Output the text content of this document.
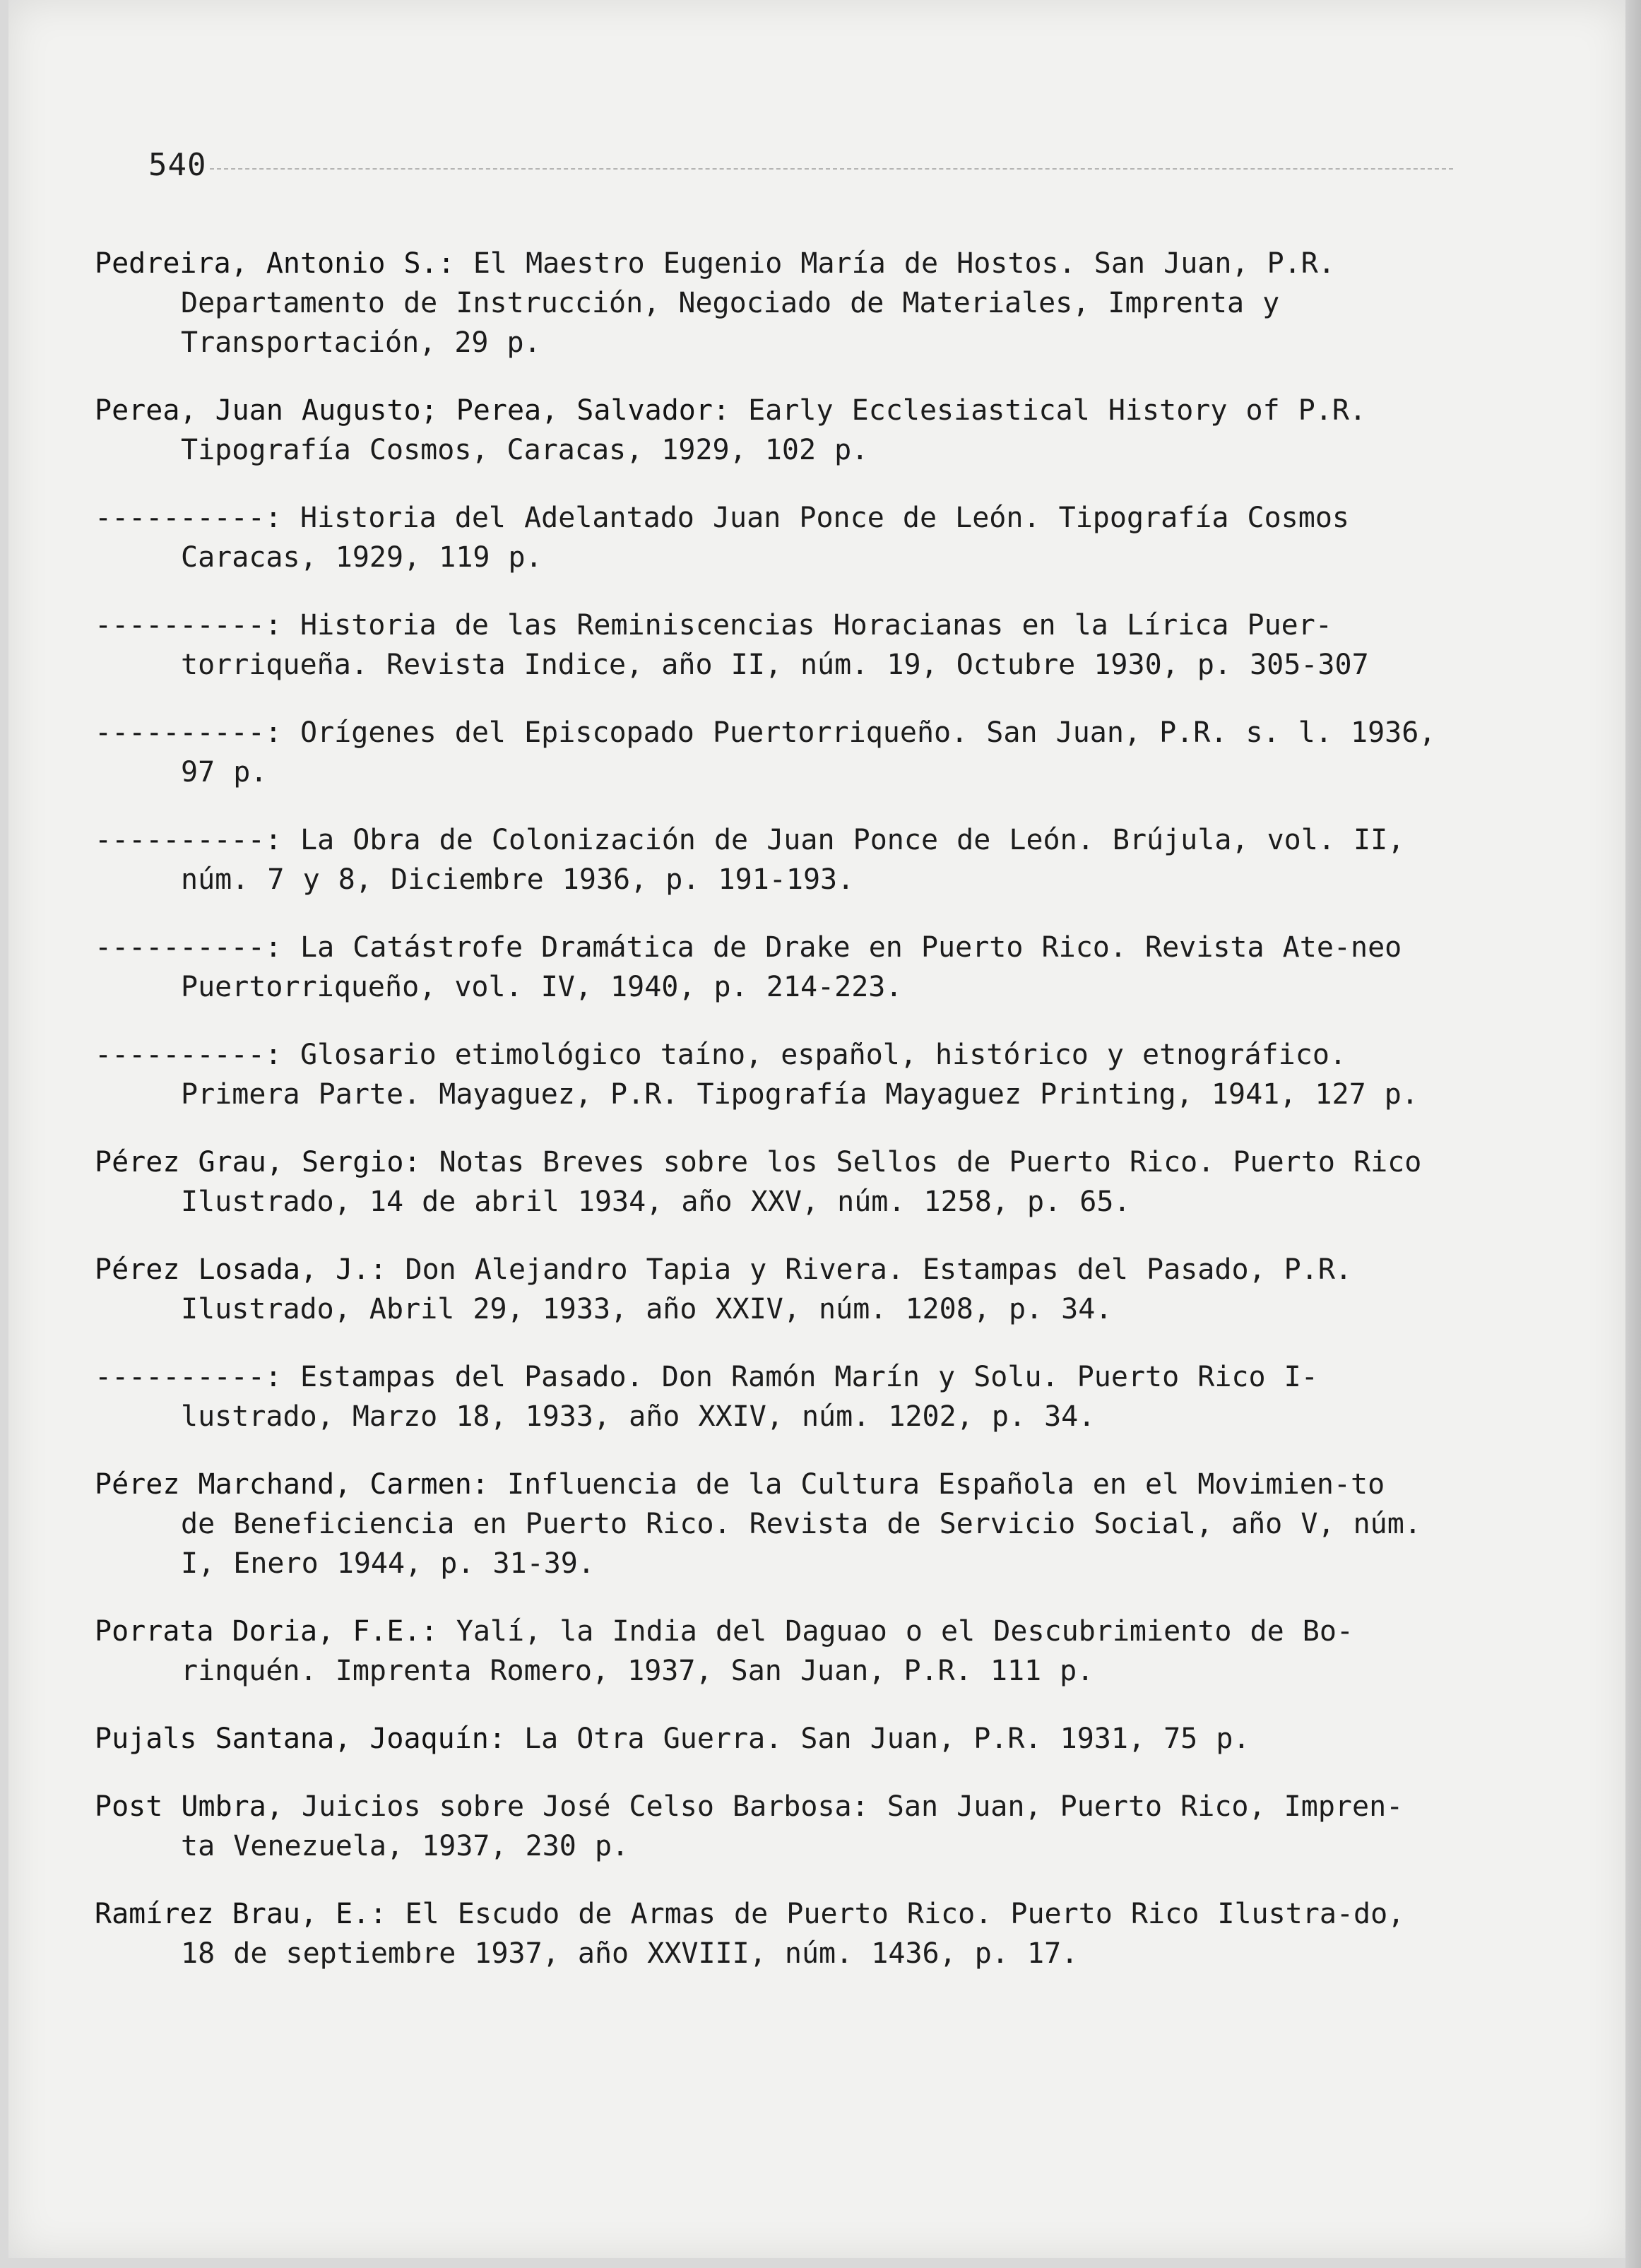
540

Pedreira, Antonio S.: El Maestro Eugenio María de Hostos. San Juan, P.R. Departamento de Instrucción, Negociado de Materiales, Imprenta y Transportación, 29 p.

Perea, Juan Augusto; Perea, Salvador: Early Ecclesiastical History of P.R. Tipografía Cosmos, Caracas, 1929, 102 p.

----------: Historia del Adelantado Juan Ponce de León. Tipografía Cosmos Caracas, 1929, 119 p.

----------: Historia de las Reminiscencias Horacianas en la Lírica Puer-torriqueña. Revista Indice, año II, núm. 19, Octubre 1930, p. 305-307

----------: Orígenes del Episcopado Puertorriqueño. San Juan, P.R. s. l. 1936, 97 p.

----------: La Obra de Colonización de Juan Ponce de León. Brújula, vol. II, núm. 7 y 8, Diciembre 1936, p. 191-193.

----------: La Catástrofe Dramática de Drake en Puerto Rico. Revista Ate-neo Puertorriqueño, vol. IV, 1940, p. 214-223.

----------: Glosario etimológico taíno, español, histórico y etnográfico. Primera Parte. Mayaguez, P.R. Tipografía Mayaguez Printing, 1941, 127 p.

Pérez Grau, Sergio: Notas Breves sobre los Sellos de Puerto Rico. Puerto Rico Ilustrado, 14 de abril 1934, año XXV, núm. 1258, p. 65.

Pérez Losada, J.: Don Alejandro Tapia y Rivera. Estampas del Pasado, P.R. Ilustrado, Abril 29, 1933, año XXIV, núm. 1208, p. 34.

----------: Estampas del Pasado. Don Ramón Marín y Solu. Puerto Rico I-lustrado, Marzo 18, 1933, año XXIV, núm. 1202, p. 34.

Pérez Marchand, Carmen: Influencia de la Cultura Española en el Movimien-to de Beneficiencia en Puerto Rico. Revista de Servicio Social, año V, núm. I, Enero 1944, p. 31-39.

Porrata Doria, F.E.: Yalí, la India del Daguao o el Descubrimiento de Bo-rinquén. Imprenta Romero, 1937, San Juan, P.R. 111 p.

Pujals Santana, Joaquín: La Otra Guerra. San Juan, P.R. 1931, 75 p.

Post Umbra, Juicios sobre José Celso Barbosa: San Juan, Puerto Rico, Impren-ta Venezuela, 1937, 230 p.

Ramírez Brau, E.: El Escudo de Armas de Puerto Rico. Puerto Rico Ilustra-do, 18 de septiembre 1937, año XXVIII, núm. 1436, p. 17.
